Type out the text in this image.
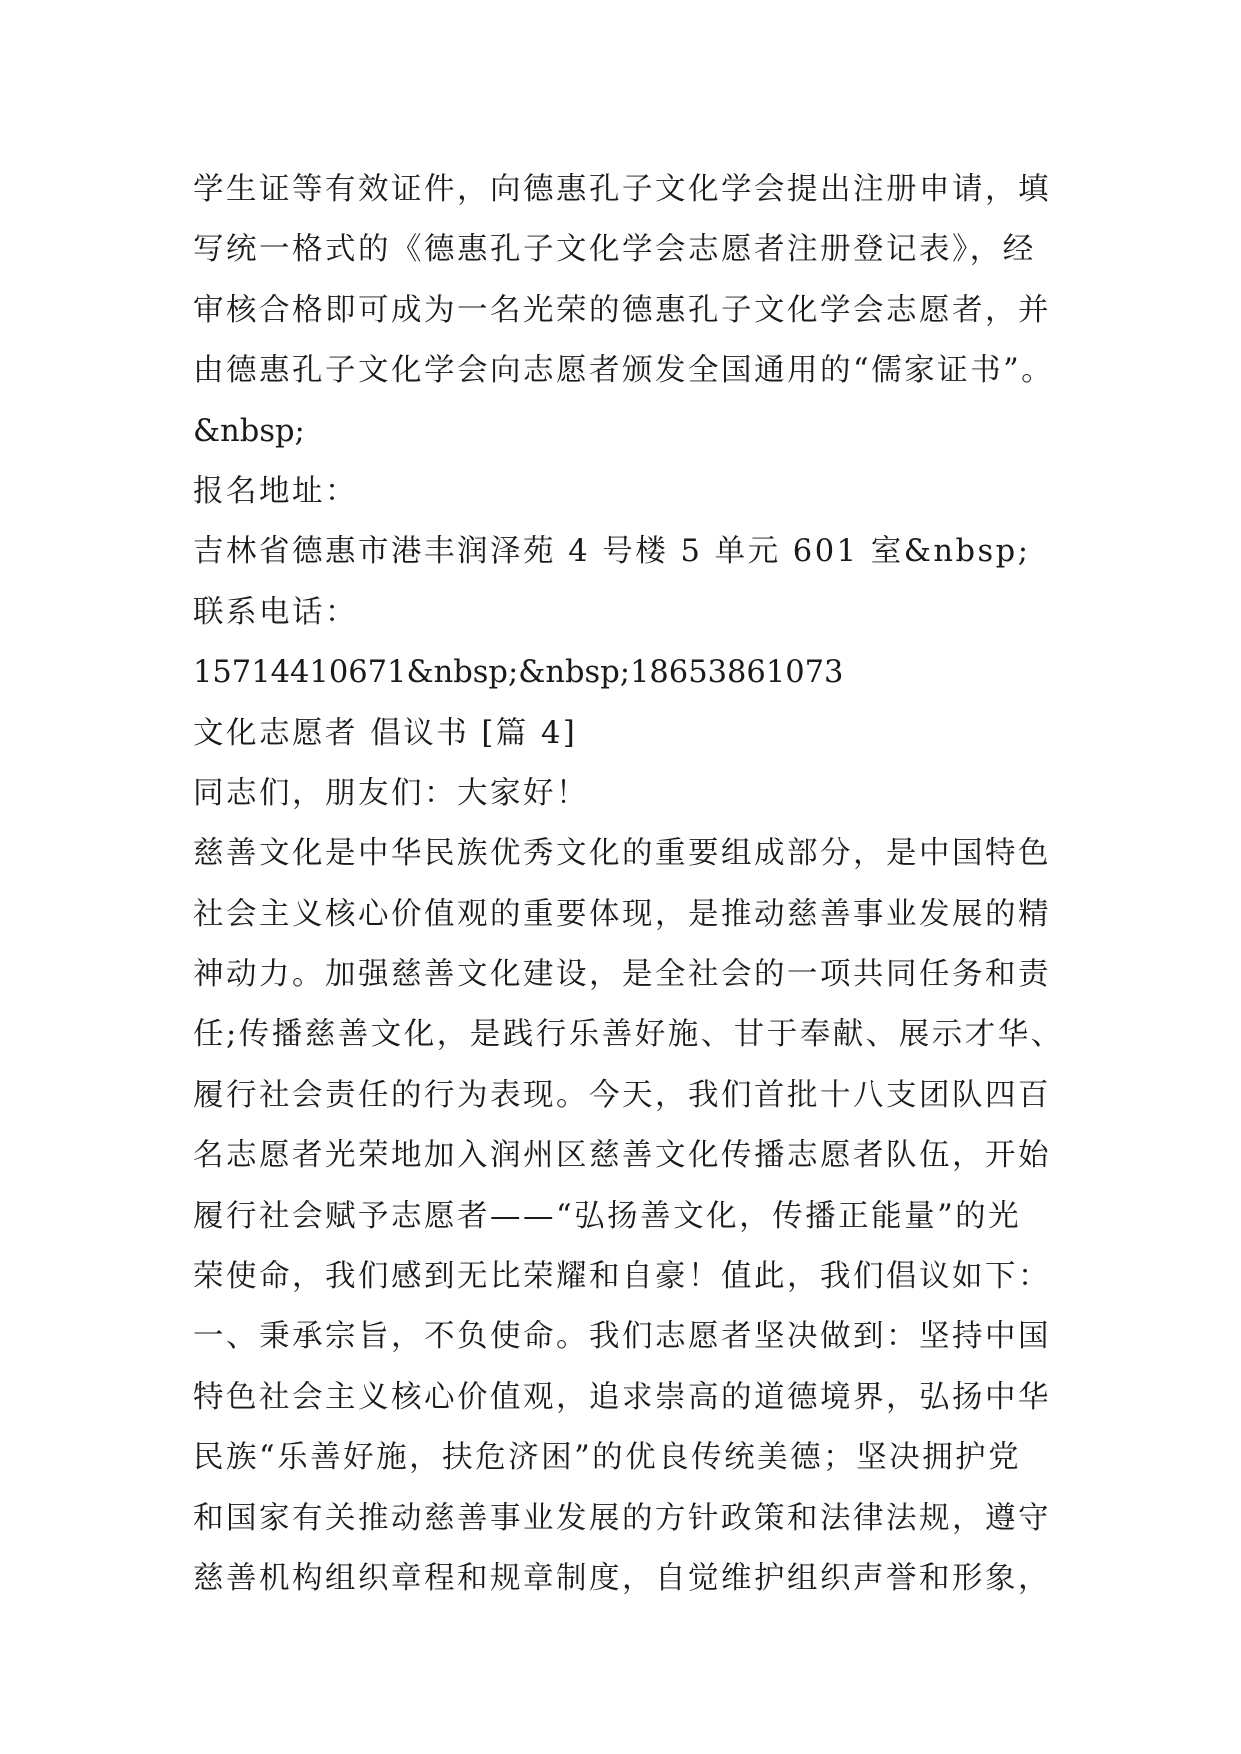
学生证等有效证件，向德惠孔子文化学会提出注册申请，填
写统一格式的《德惠孔子文化学会志愿者注册登记表》，经
审核合格即可成为一名光荣的德惠孔子文化学会志愿者，并
由德惠孔子文化学会向志愿者颁发全国通用的“儒家证书”。
&nbsp;
报名地址：
吉林省德惠市港丰润泽苑 4 号楼 5 单元 601 室&nbsp;
联系电话：
15714410671&nbsp;&nbsp;18653861073
文化志愿者 倡议书 [篇 4]
同志们，朋友们：大家好！
慈善文化是中华民族优秀文化的重要组成部分，是中国特色
社会主义核心价值观的重要体现，是推动慈善事业发展的精
神动力。加强慈善文化建设，是全社会的一项共同任务和责
任;传播慈善文化，是践行乐善好施、甘于奉献、展示才华、
履行社会责任的行为表现。今天，我们首批十八支团队四百
名志愿者光荣地加入润州区慈善文化传播志愿者队伍，开始
履行社会赋予志愿者——“弘扬善文化，传播正能量”的光
荣使命，我们感到无比荣耀和自豪！值此，我们倡议如下：
一、秉承宗旨，不负使命。我们志愿者坚决做到：坚持中国
特色社会主义核心价值观，追求崇高的道德境界，弘扬中华
民族“乐善好施，扶危济困”的优良传统美德；坚决拥护党
和国家有关推动慈善事业发展的方针政策和法律法规，遵守
慈善机构组织章程和规章制度，自觉维护组织声誉和形象，
